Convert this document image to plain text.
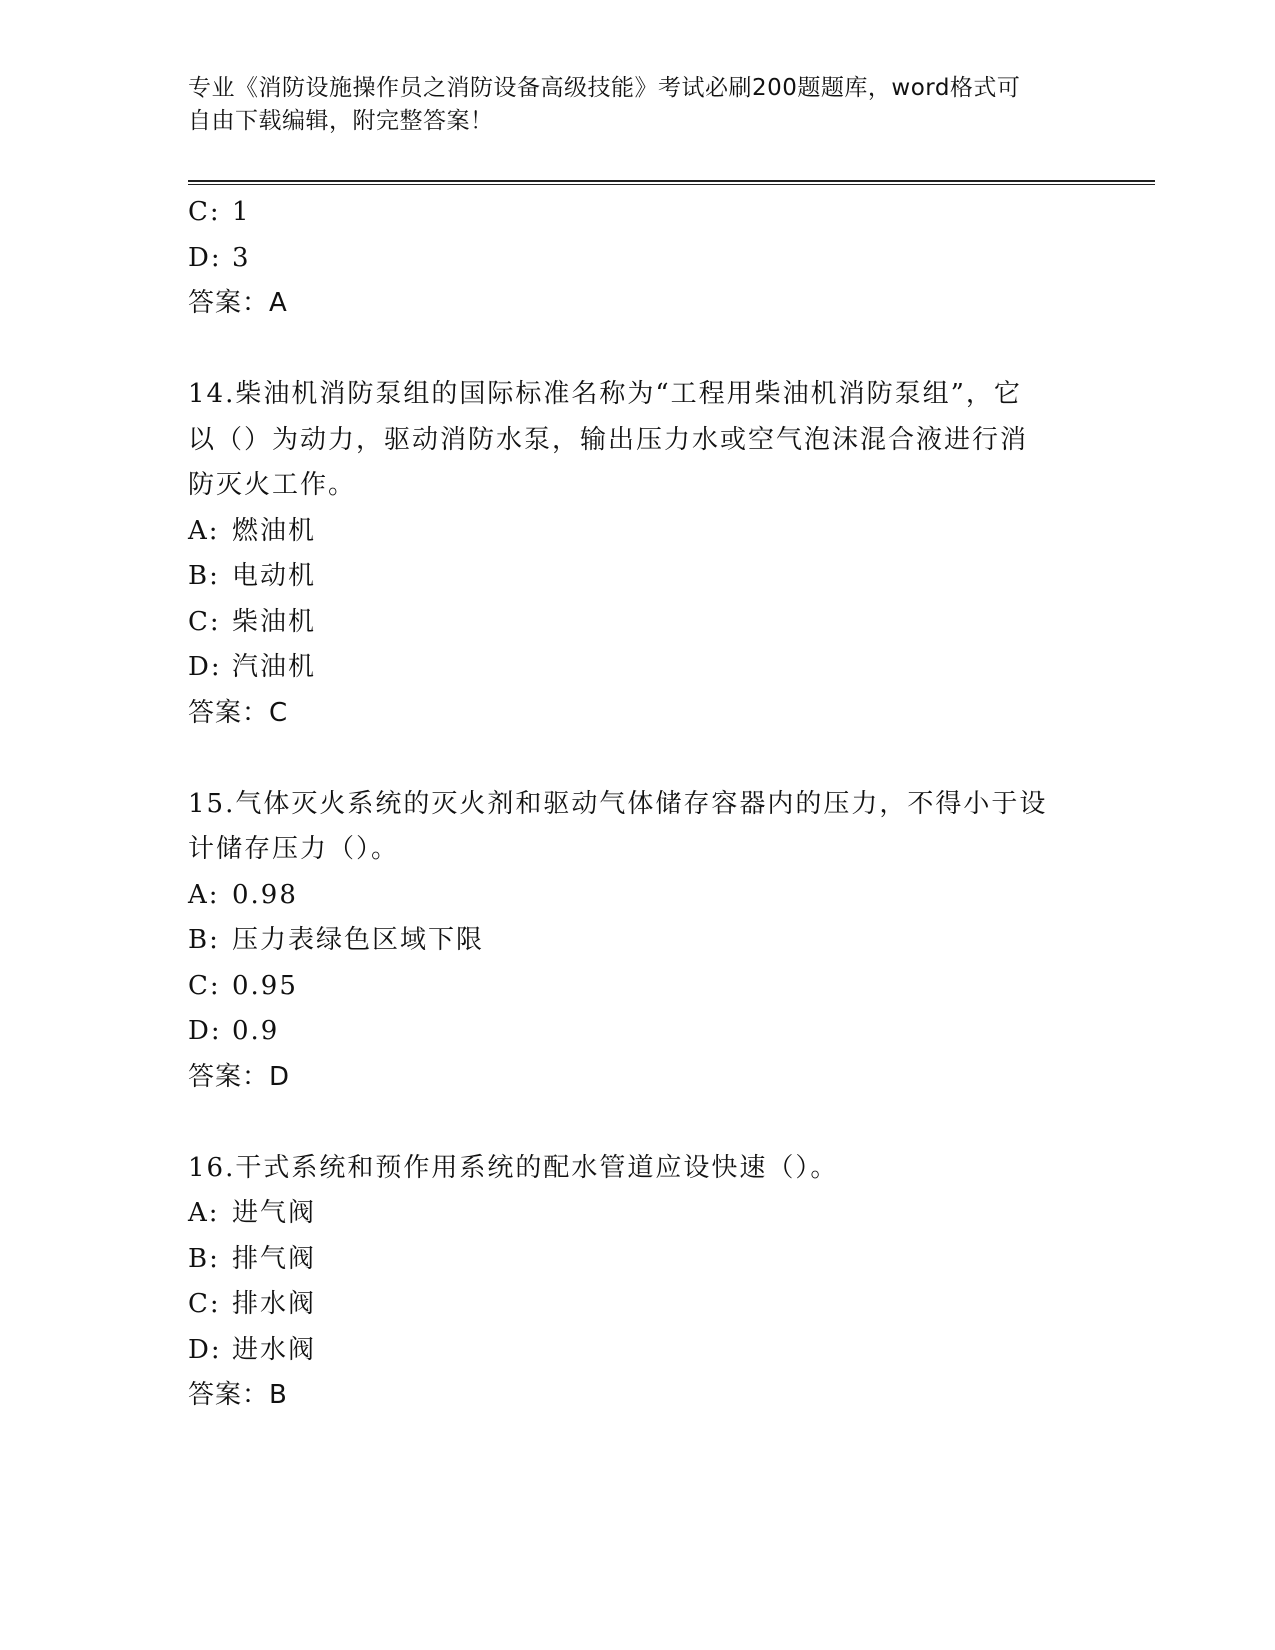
专业《消防设施操作员之消防设备高级技能》考试必刷200题题库，word格式可
自由下载编辑，附完整答案！
C: 1
D: 3
答案：A
14.柴油机消防泵组的国际标准名称为“工程用柴油机消防泵组”，它
以（）为动力，驱动消防水泵，输出压力水或空气泡沫混合液进行消
防灭火工作。
A: 燃油机
B: 电动机
C: 柴油机
D: 汽油机
答案：C
15.气体灭火系统的灭火剂和驱动气体储存容器内的压力，不得小于设
计储存压力（）。
A: 0.98
B: 压力表绿色区域下限
C: 0.95
D: 0.9
答案：D
16.干式系统和预作用系统的配水管道应设快速（）。
A: 进气阀
B: 排气阀
C: 排水阀
D: 进水阀
答案：B
